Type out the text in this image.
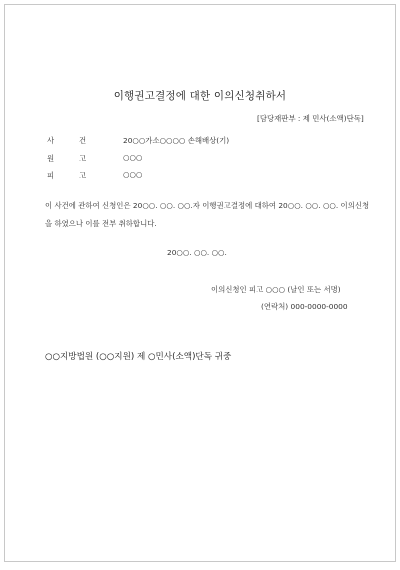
이행권고결정에 대한 이의신청취하서
[담당재판부 : 제 민사(소액)단독]
사	건	20○○가소○○○○ 손해배상(기)
원	고	○○○
피	고	○○○
이 사건에 관하여 신청인은 20○○. ○○. ○○.자 이행권고결정에 대하여 20○○. ○○. ○○. 이의신청을 하였으나 이를 전부 취하합니다.
20○○. ○○. ○○.
이의신청인 피고 ○○○ (날인 또는 서명)
(연락처) 000-0000-0000
○○지방법원 (○○지원) 제 ○민사(소액)단독 귀중
